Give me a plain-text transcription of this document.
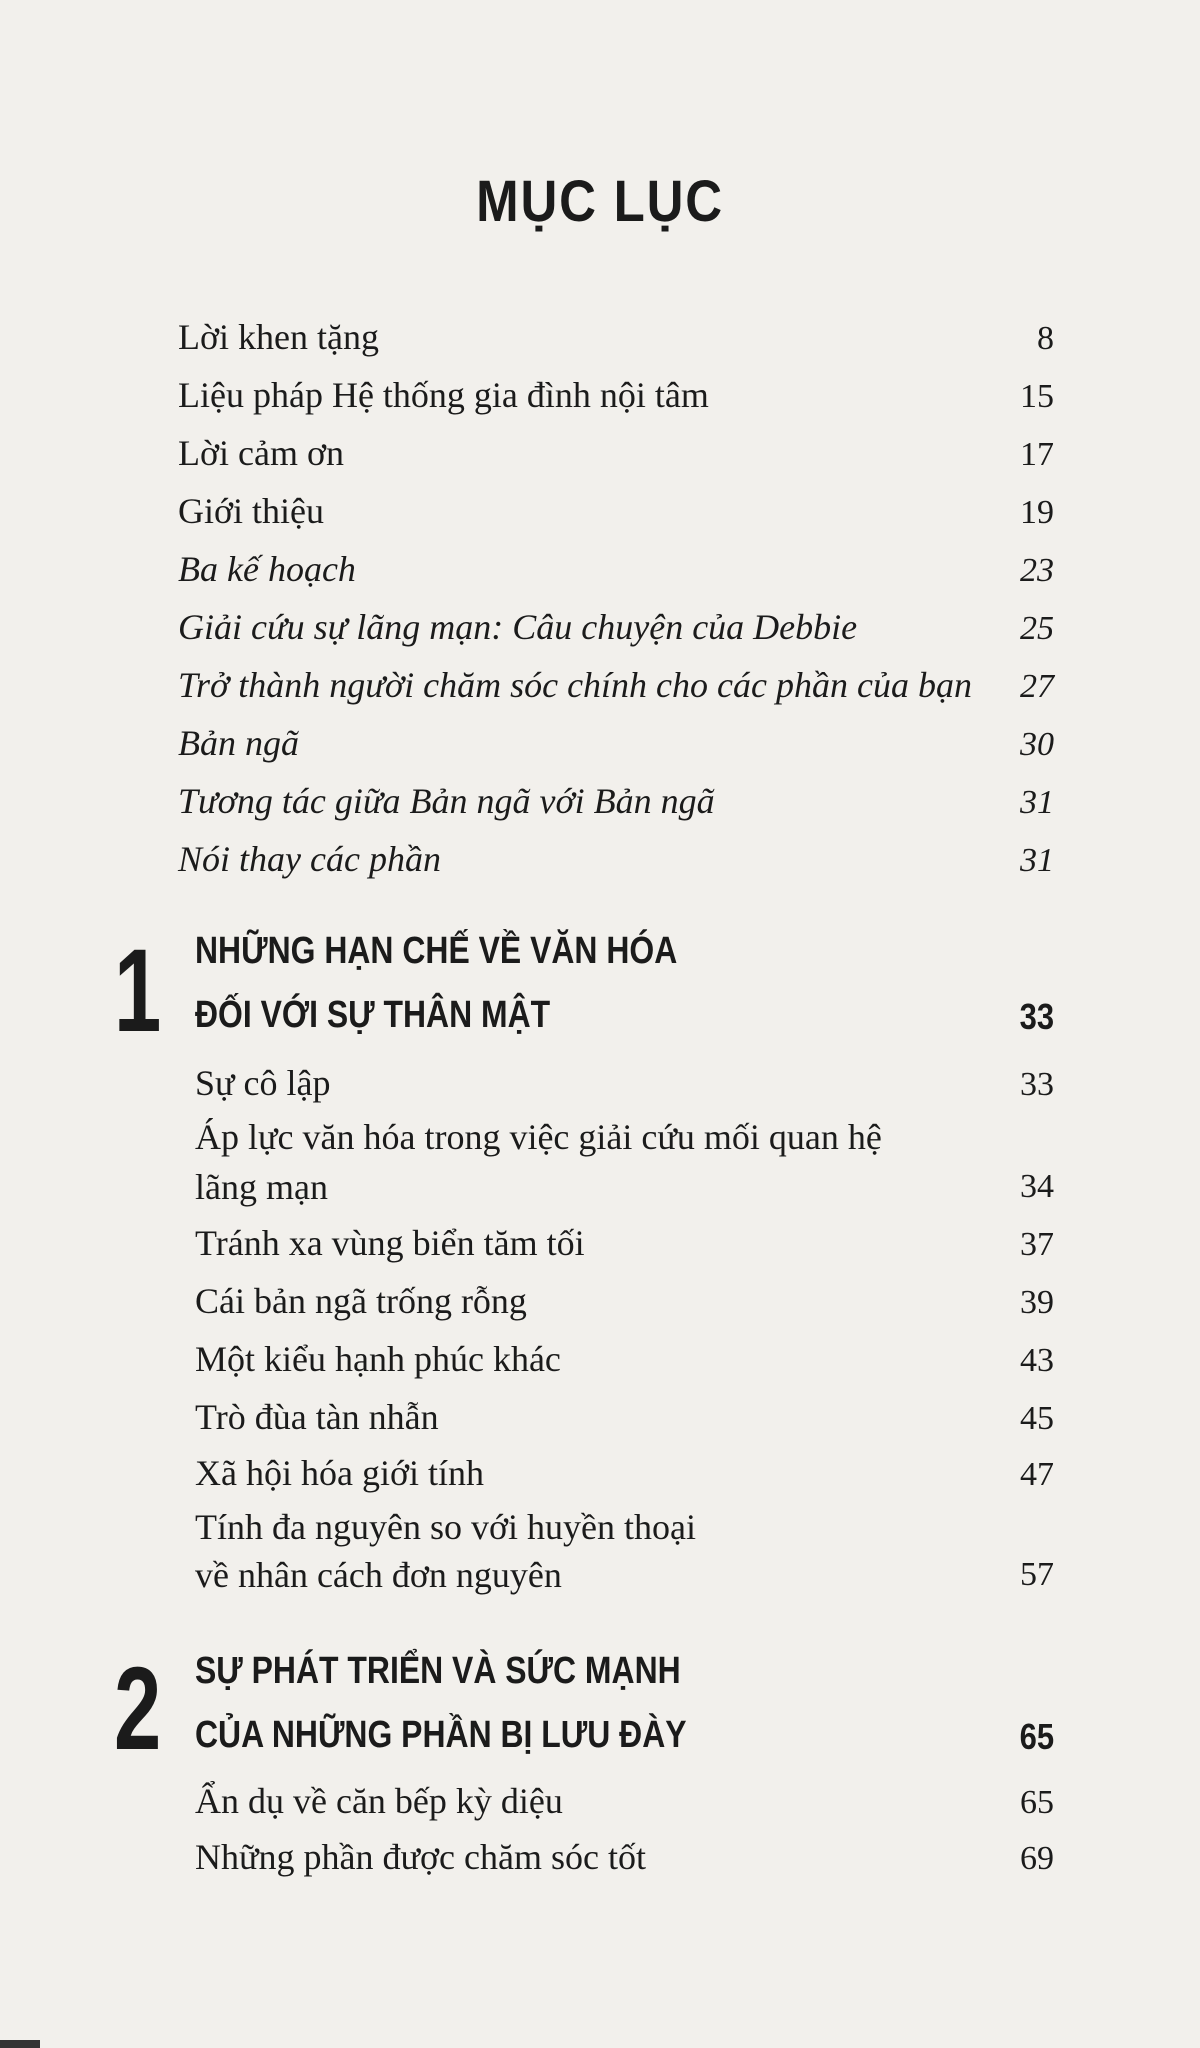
MỤC LỤC
Lời khen tặng	8
Liệu pháp Hệ thống gia đình nội tâm	15
Lời cảm ơn	17
Giới thiệu	19
Ba kế hoạch	23
Giải cứu sự lãng mạn: Câu chuyện của Debbie	25
Trở thành người chăm sóc chính cho các phần của bạn 27
Bản ngã	30
Tương tác giữa Bản ngã với Bản ngã	31
Nói thay các phần	31
1 NHỮNG HẠN CHẾ VỀ VĂN HÓA
ĐỐI VỚI SỰ THÂN MẬT	33
Sự cô lập	33
Áp lực văn hóa trong việc giải cứu mối quan hệ
lãng mạn	34
Tránh xa vùng biển tăm tối	37
Cái bản ngã trống rỗng	39
Một kiểu hạnh phúc khác	43
Trò đùa tàn nhẫn	45
Xã hội hóa giới tính	47
Tính đa nguyên so với huyền thoại
về nhân cách đơn nguyên	57
2 SỰ PHÁT TRIỂN VÀ SỨC MẠNH
CỦA NHỮNG PHẦN BỊ LƯU ĐÀY	65
Ẩn dụ về căn bếp kỳ diệu	65
Những phần được chăm sóc tốt	69
